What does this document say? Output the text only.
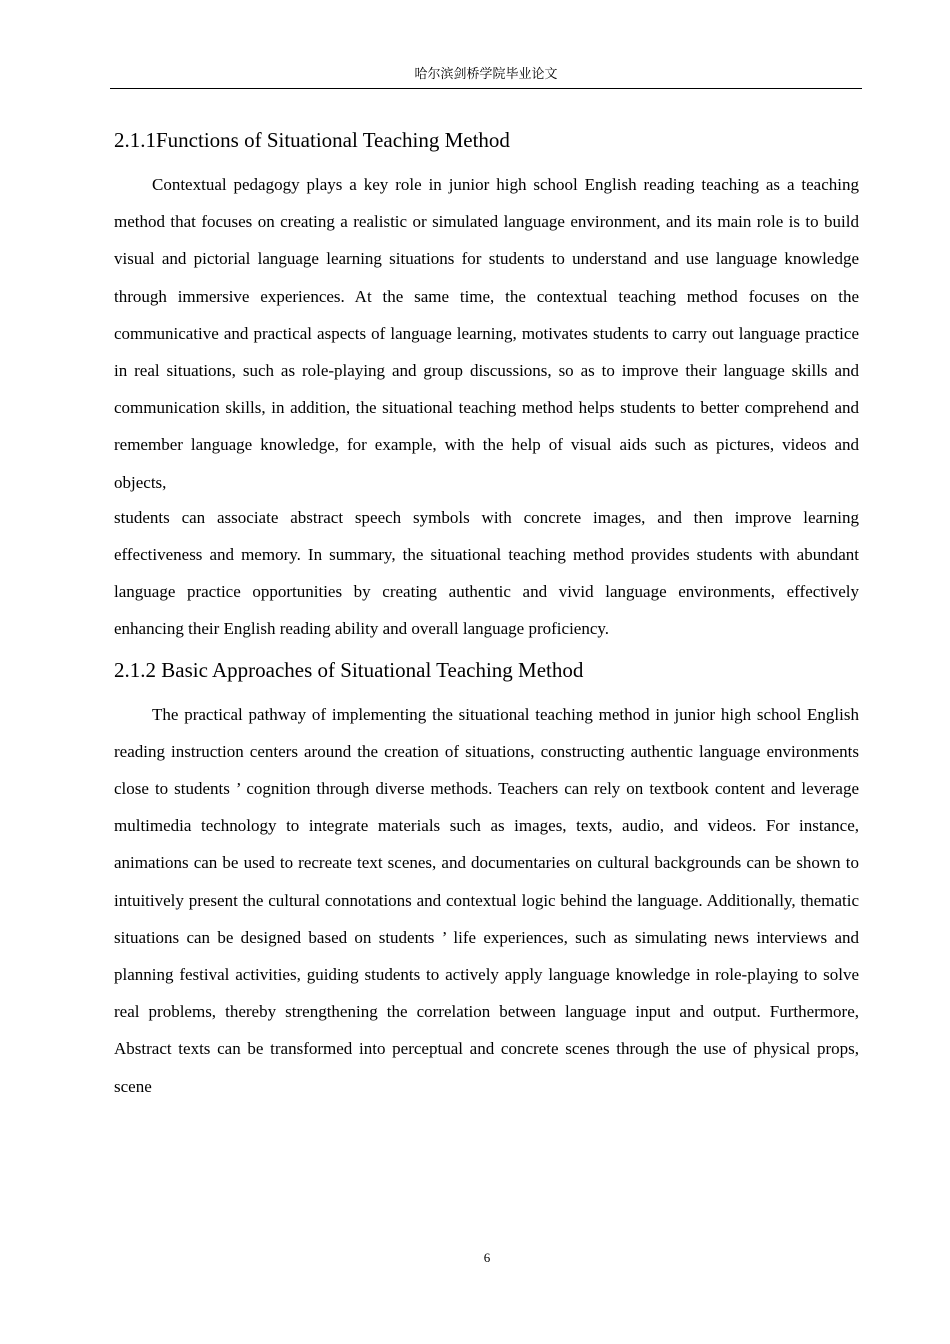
哈尔滨剑桥学院毕业论文
2.1.1Functions of Situational Teaching Method

Contextual pedagogy plays a key role in junior high school English reading teaching as a teaching method that focuses on creating a realistic or simulated language environment, and its main role is to build visual and pictorial language learning situations for students to understand and use language knowledge through immersive experiences. At the same time, the contextual teaching method focuses on the communicative and practical aspects of language learning, motivates students to carry out language practice in real situations, such as role-playing and group discussions, so as to improve their language skills and communication skills, in addition, the situational teaching method helps students to better comprehend and remember language knowledge, for example, with the help of visual aids such as pictures, videos and objects,

students can associate abstract speech symbols with concrete images, and then improve learning effectiveness and memory. In summary, the situational teaching method provides students with abundant language practice opportunities by creating authentic and vivid language environments, effectively enhancing their English reading ability and overall language proficiency.

2.1.2 Basic Approaches of Situational Teaching Method

The practical pathway of implementing the situational teaching method in junior high school English reading instruction centers around the creation of situations, constructing authentic language environments close to students ’ cognition through diverse methods. Teachers can rely on textbook content and leverage multimedia technology to integrate materials such as images, texts, audio, and videos. For instance, animations can be used to recreate text scenes, and documentaries on cultural backgrounds can be shown to intuitively present the cultural connotations and contextual logic behind the language. Additionally, thematic situations can be designed based on students ’ life experiences, such as simulating news interviews and planning festival activities, guiding students to actively apply language knowledge in role-playing to solve real problems, thereby strengthening the correlation between language input and output. Furthermore, Abstract texts can be transformed into perceptual and concrete scenes through the use of physical props, scene

6
